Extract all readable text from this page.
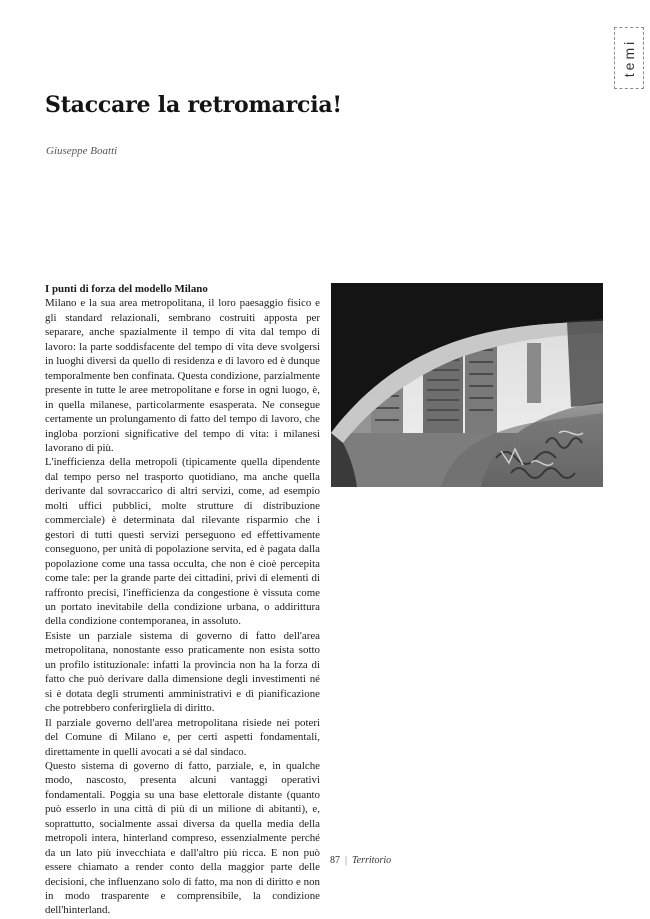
temi
Staccare la retromarcia!
Giuseppe Boatti
I punti di forza del modello Milano

Milano e la sua area metropolitana, il loro paesaggio fisico e gli standard relazionali, sembrano costruiti apposta per separare, anche spazialmente il tempo di vita dal tempo di lavoro: la parte soddisfacente del tempo di vita deve svolgersi in luoghi diversi da quello di residenza e di lavoro ed è dunque temporalmente ben confinata. Questa condizione, parzialmente presente in tutte le aree metropolitane e forse in ogni luogo, è, in quella milanese, particolarmente esasperata. Ne consegue certamente un prolungamento di fatto del tempo di lavoro, che ingloba porzioni significative del tempo di vita: i milanesi lavorano di più.

L'inefficienza della metropoli (tipicamente quella dipendente dal tempo perso nel trasporto quotidiano, ma anche quella derivante dal sovraccarico di altri servizi, come, ad esempio molti uffici pubblici, molte strutture di distribuzione commerciale) è determinata dal rilevante risparmio che i gestori di tutti questi servizi perseguono ed effettivamente conseguono, per unità di popolazione servita, ed è pagata dalla popolazione come una tassa occulta, che non è cioè percepita come tale: per la grande parte dei cittadini, privi di elementi di raffronto precisi, l'inefficienza da congestione è vissuta come un portato inevitabile della condizione urbana, o addirittura della condizione contemporanea, in assoluto.

Esiste un parziale sistema di governo di fatto dell'area metropolitana, nonostante esso praticamente non esista sotto un profilo istituzionale: infatti la provincia non ha la forza di fatto che può derivare dalla dimensione degli investimenti né si è dotata degli strumenti amministrativi e di pianificazione che potrebbero conferirgliela di diritto.

Il parziale governo dell'area metropolitana risiede nei poteri del Comune di Milano e, per certi aspetti fondamentali, direttamente in quelli avocati a sé dal sindaco.

Questo sistema di governo di fatto, parziale, e, in qualche modo, nascosto, presenta alcuni vantaggi operativi fondamentali. Poggia su una base elettorale distante (quanto può esserlo in una città di più di un milione di abitanti), e, soprattutto, socialmente assai diversa da quella media della metropoli intera, hinterland compreso, essenzialmente perché da un lato più invecchiata e dall'altro più ricca. E non può essere chiamato a render conto della maggior parte delle decisioni, che influenzano solo di fatto, ma non di diritto e non in modo trasparente e comprensibile, la condizione dell'hinterland.

87 | Territorio
